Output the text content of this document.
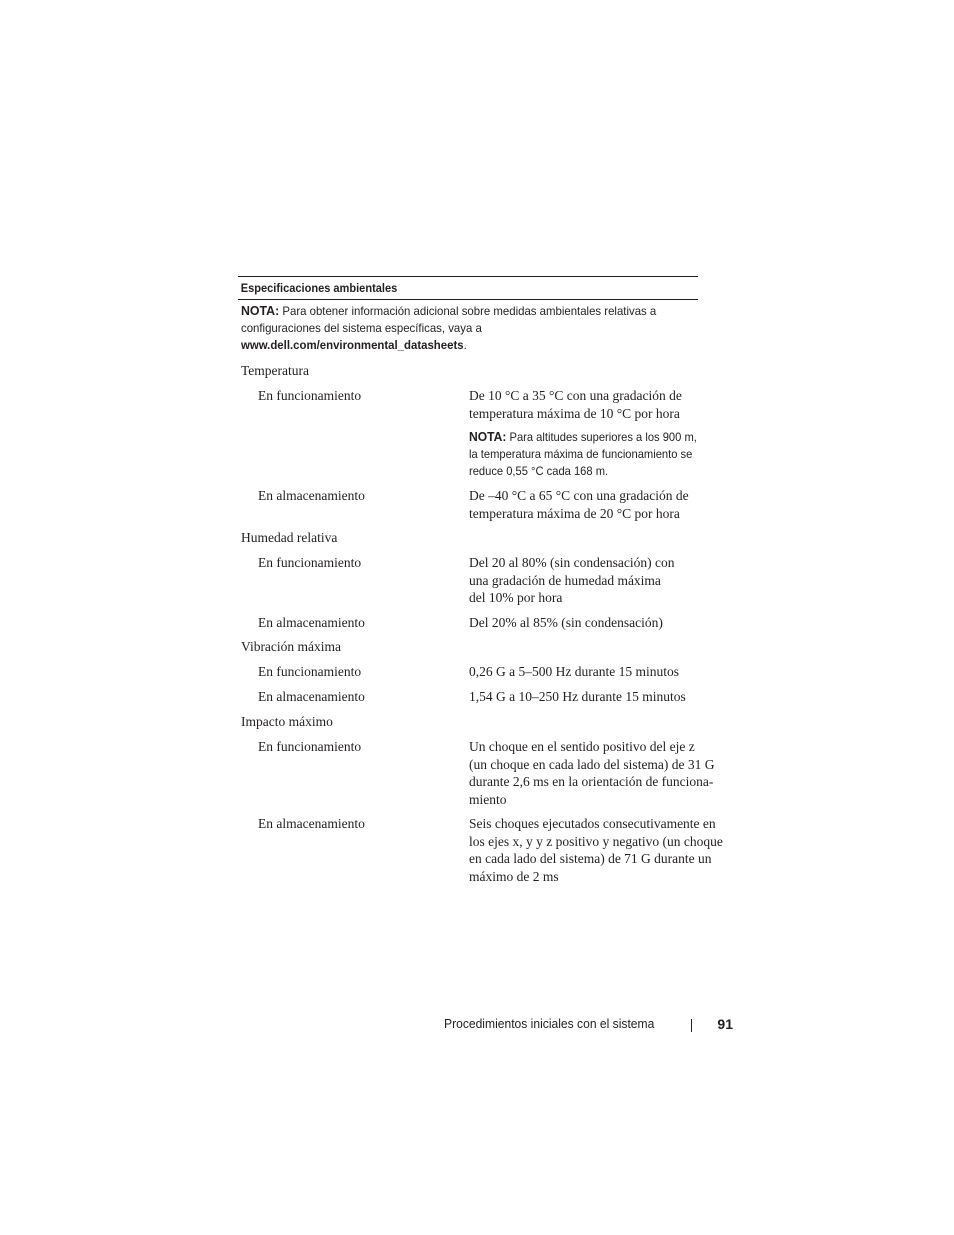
Especificaciones ambientales
NOTA: Para obtener información adicional sobre medidas ambientales relativas a
configuraciones del sistema específicas, vaya a
www.dell.com/environmental_datasheets.
Temperatura
En funcionamiento	De 10 °C a 35 °C con una gradación de
temperatura máxima de 10 °C por hora
NOTA: Para altitudes superiores a los 900 m,
la temperatura máxima de funcionamiento se
reduce 0,55 °C cada 168 m.
En almacenamiento	De –40 °C a 65 °C con una gradación de
temperatura máxima de 20 °C por hora
Humedad relativa
En funcionamiento	Del 20 al 80% (sin condensación) con
una gradación de humedad máxima
del 10% por hora
En almacenamiento	Del 20% al 85% (sin condensación)
Vibración máxima
En funcionamiento	0,26 G a 5–500 Hz durante 15 minutos
En almacenamiento	1,54 G a 10–250 Hz durante 15 minutos
Impacto máximo
En funcionamiento	Un choque en el sentido positivo del eje z
(un choque en cada lado del sistema) de 31 G
durante 2,6 ms en la orientación de funciona-
miento
En almacenamiento	Seis choques ejecutados consecutivamente en
los ejes x, y y z positivo y negativo (un choque
en cada lado del sistema) de 71 G durante un
máximo de 2 ms
Procedimientos iniciales con el sistema	91
